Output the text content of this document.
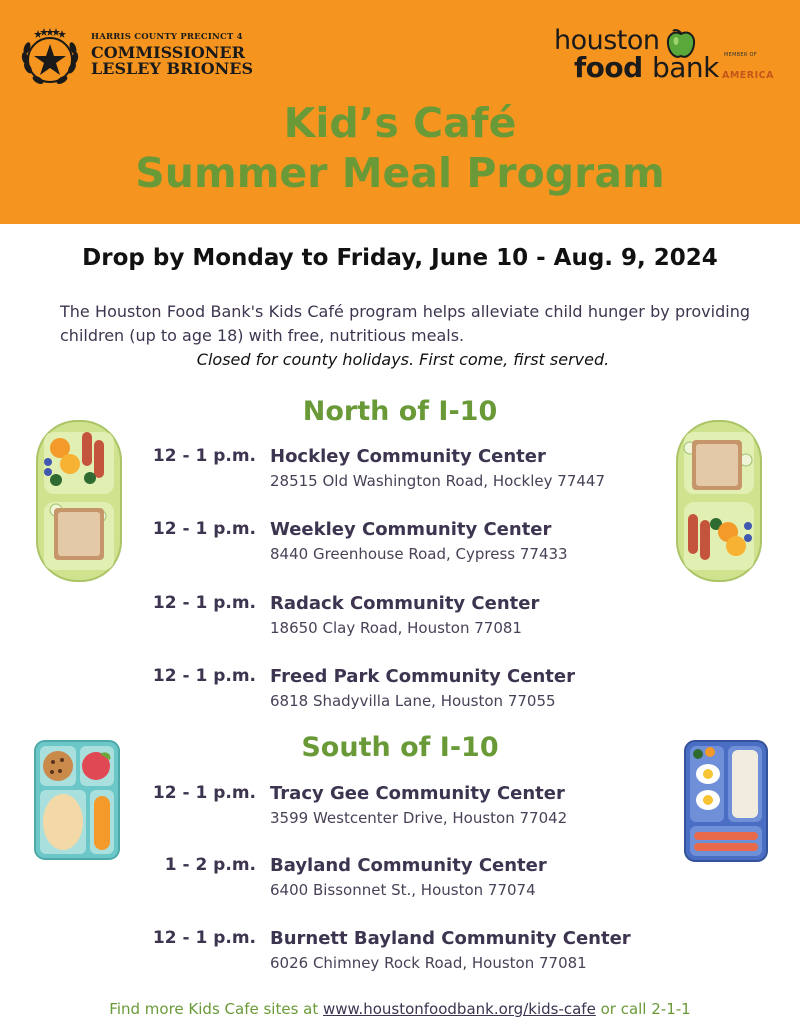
HARRIS COUNTY PRECINCT 4
COMMISSIONER
LESLEY BRIONES
houston
food bank MEMBER OF
AMERICA
Kid’s Café
Summer Meal Program
Drop by Monday to Friday, June 10 - Aug. 9, 2024
The Houston Food Bank's Kids Café program helps alleviate child hunger by providing children (up to age 18) with free, nutritious meals.
Closed for county holidays. First come, first served.
North of I-10
12 - 1 p.m. Hockley Community Center
28515 Old Washington Road, Hockley 77447
12 - 1 p.m. Weekley Community Center
8440 Greenhouse Road, Cypress 77433
12 - 1 p.m. Radack Community Center
18650 Clay Road, Houston 77081
12 - 1 p.m. Freed Park Community Center
6818 Shadyvilla Lane, Houston 77055
South of I-10
12 - 1 p.m. Tracy Gee Community Center
3599 Westcenter Drive, Houston 77042
1 - 2 p.m. Bayland Community Center
6400 Bissonnet St., Houston 77074
12 - 1 p.m. Burnett Bayland Community Center
6026 Chimney Rock Road, Houston 77081
Find more Kids Cafe sites at www.houstonfoodbank.org/kids-cafe or call 2-1-1
